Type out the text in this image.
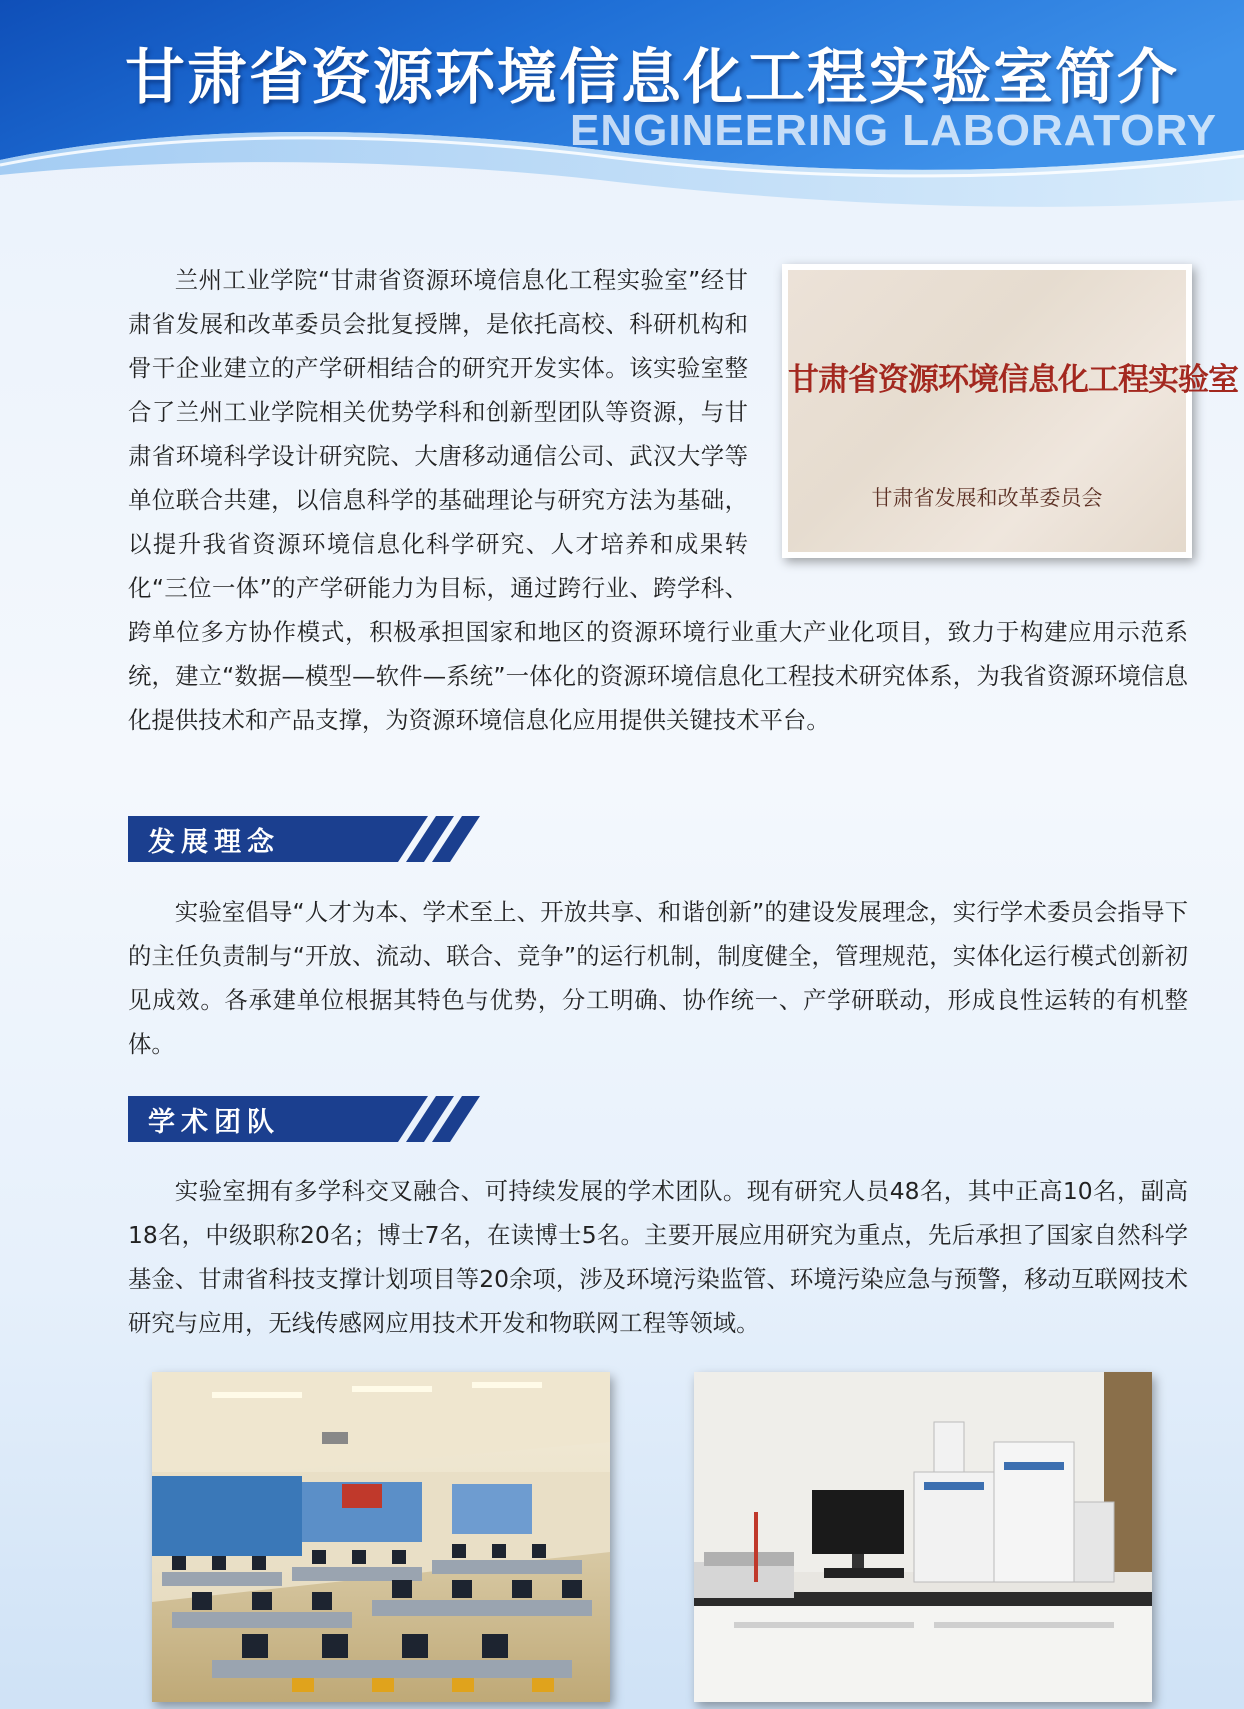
甘肃省资源环境信息化工程实验室简介
ENGINEERING LABORATORY

兰州工业学院“甘肃省资源环境信息化工程实验室”经甘肃省发展和改革委员会批复授牌，是依托高校、科研机构和骨干企业建立的产学研相结合的研究开发实体。该实验室整合了兰州工业学院相关优势学科和创新型团队等资源，与甘肃省环境科学设计研究院、大唐移动通信公司、武汉大学等单位联合共建，以信息科学的基础理论与研究方法为基础，以提升我省资源环境信息化科学研究、人才培养和成果转化“三位一体”的产学研能力为目标，通过跨行业、跨学科、跨单位多方协作模式，积极承担国家和地区的资源环境行业重大产业化项目，致力于构建应用示范系统，建立“数据—模型—软件—系统”一体化的资源环境信息化工程技术研究体系，为我省资源环境信息化提供技术和产品支撑，为资源环境信息化应用提供关键技术平台。

甘肃省资源环境信息化工程实验室
甘肃省发展和改革委员会
发展理念

实验室倡导“人才为本、学术至上、开放共享、和谐创新”的建设发展理念，实行学术委员会指导下的主任负责制与“开放、流动、联合、竞争”的运行机制，制度健全，管理规范，实体化运行模式创新初见成效。各承建单位根据其特色与优势，分工明确、协作统一、产学研联动，形成良性运转的有机整体。

学术团队

实验室拥有多学科交叉融合、可持续发展的学术团队。现有研究人员48名，其中正高10名，副高18名，中级职称20名；博士7名，在读博士5名。主要开展应用研究为重点，先后承担了国家自然科学基金、甘肃省科技支撑计划项目等20余项，涉及环境污染监管、环境污染应急与预警，移动互联网技术研究与应用，无线传感网应用技术开发和物联网工程等领域。
